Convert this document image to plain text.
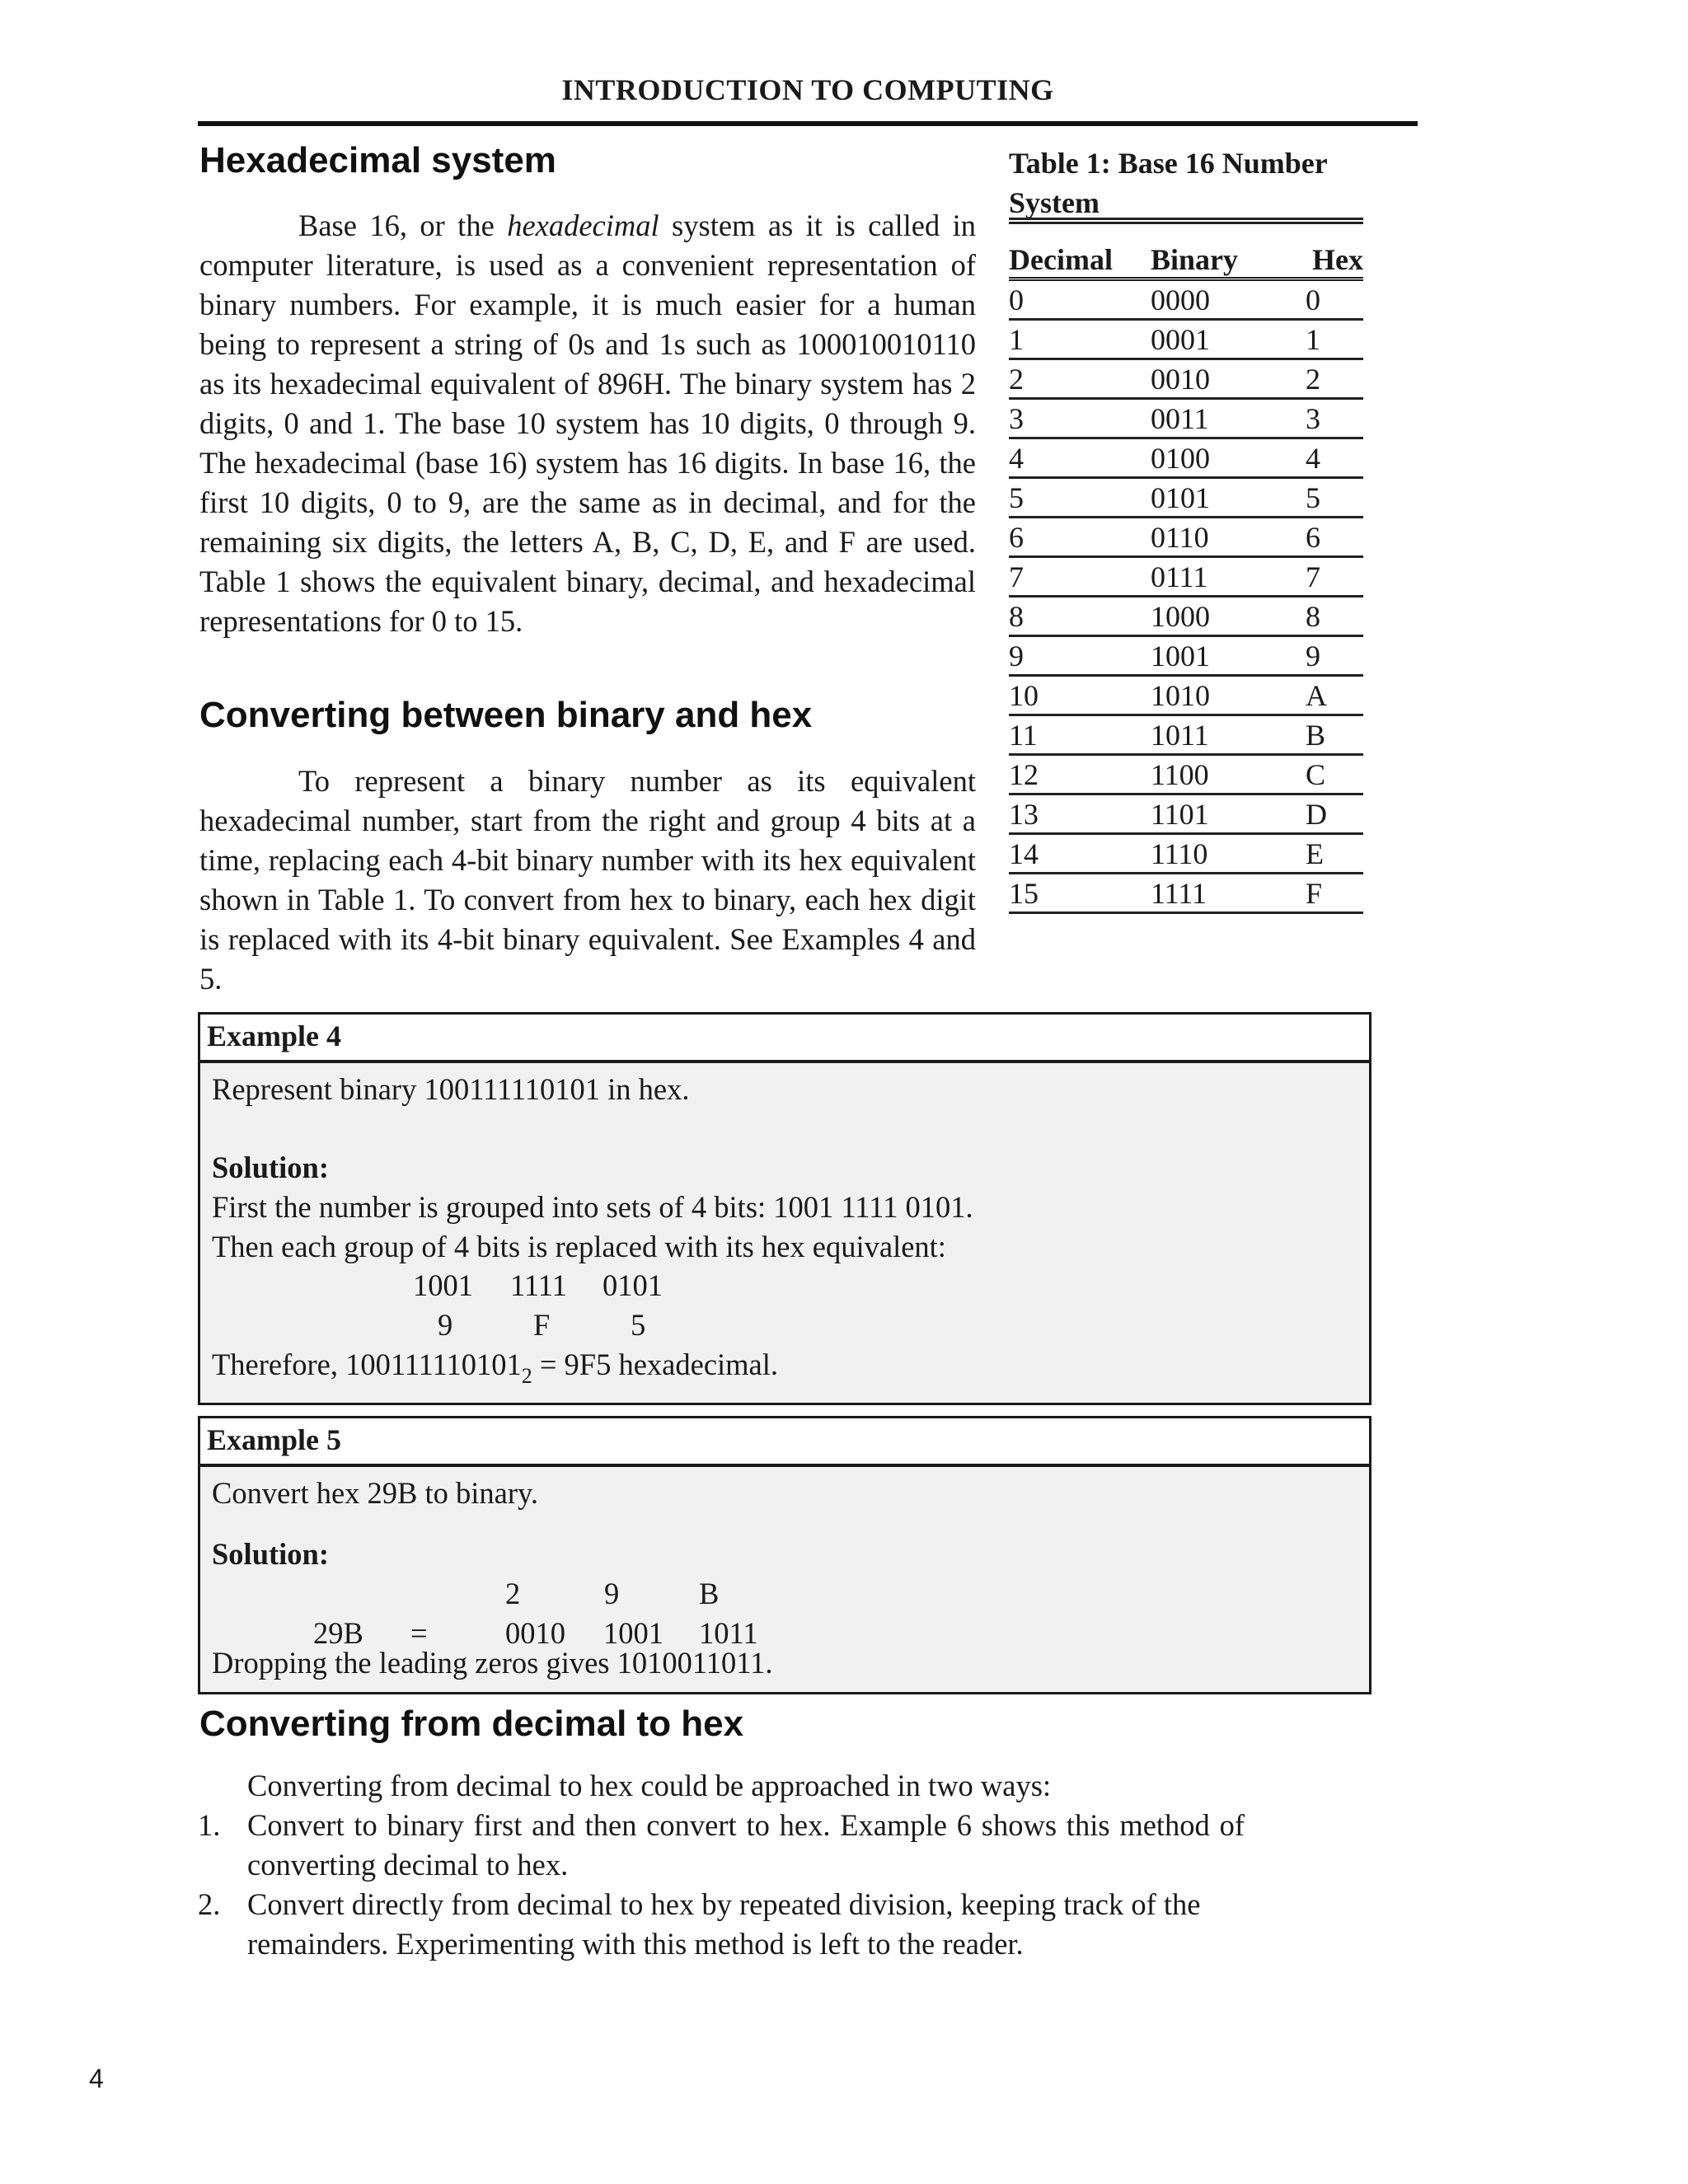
INTRODUCTION TO COMPUTING
Hexadecimal system

Base 16, or the hexadecimal system as it is called in computer literature, is used as a convenient representation of binary numbers. For example, it is much easier for a human being to represent a string of 0s and 1s such as 100010010110 as its hexadecimal equivalent of 896H. The binary system has 2 digits, 0 and 1. The base 10 system has 10 digits, 0 through 9. The hexadecimal (base 16) system has 16 digits. In base 16, the first 10 digits, 0 to 9, are the same as in decimal, and for the remaining six digits, the letters A, B, C, D, E, and F are used. Table 1 shows the equivalent binary, decimal, and hexadecimal representations for 0 to 15.

Converting between binary and hex

To represent a binary number as its equivalent hexadecimal number, start from the right and group 4 bits at a time, replacing each 4-bit binary number with its hex equivalent shown in Table 1. To convert from hex to binary, each hex digit is replaced with its 4-bit binary equivalent. See Examples 4 and 5.

Table 1: Base 16 Number System
Decimal	Binary	Hex
0	0000	0
1	0001	1
2	0010	2
3	0011	3
4	0100	4
5	0101	5
6	0110	6
7	0111	7
8	1000	8
9	1001	9
10	1010	A
11	1011	B
12	1100	C
13	1101	D
14	1110	E
15	1111	F
Example 4
Represent binary 100111110101 in hex.
Solution:
First the number is grouped into sets of 4 bits: 1001 1111 0101.
Then each group of 4 bits is replaced with its hex equivalent:
1001 1111 0101
9	F	5
Therefore, $100111110101_2 = 9F5$ hexadecimal.
Example 5
Convert hex 29B to binary.
Solution:
2	9	B
29B =	0010 1001 1011
Dropping the leading zeros gives 1010011011.
Converting from decimal to hex
Converting from decimal to hex could be approached in two ways:
1. Convert to binary first and then convert to hex. Example 6 shows this method of converting decimal to hex.
2. Convert directly from decimal to hex by repeated division, keeping track of the remainders. Experimenting with this method is left to the reader.
4
